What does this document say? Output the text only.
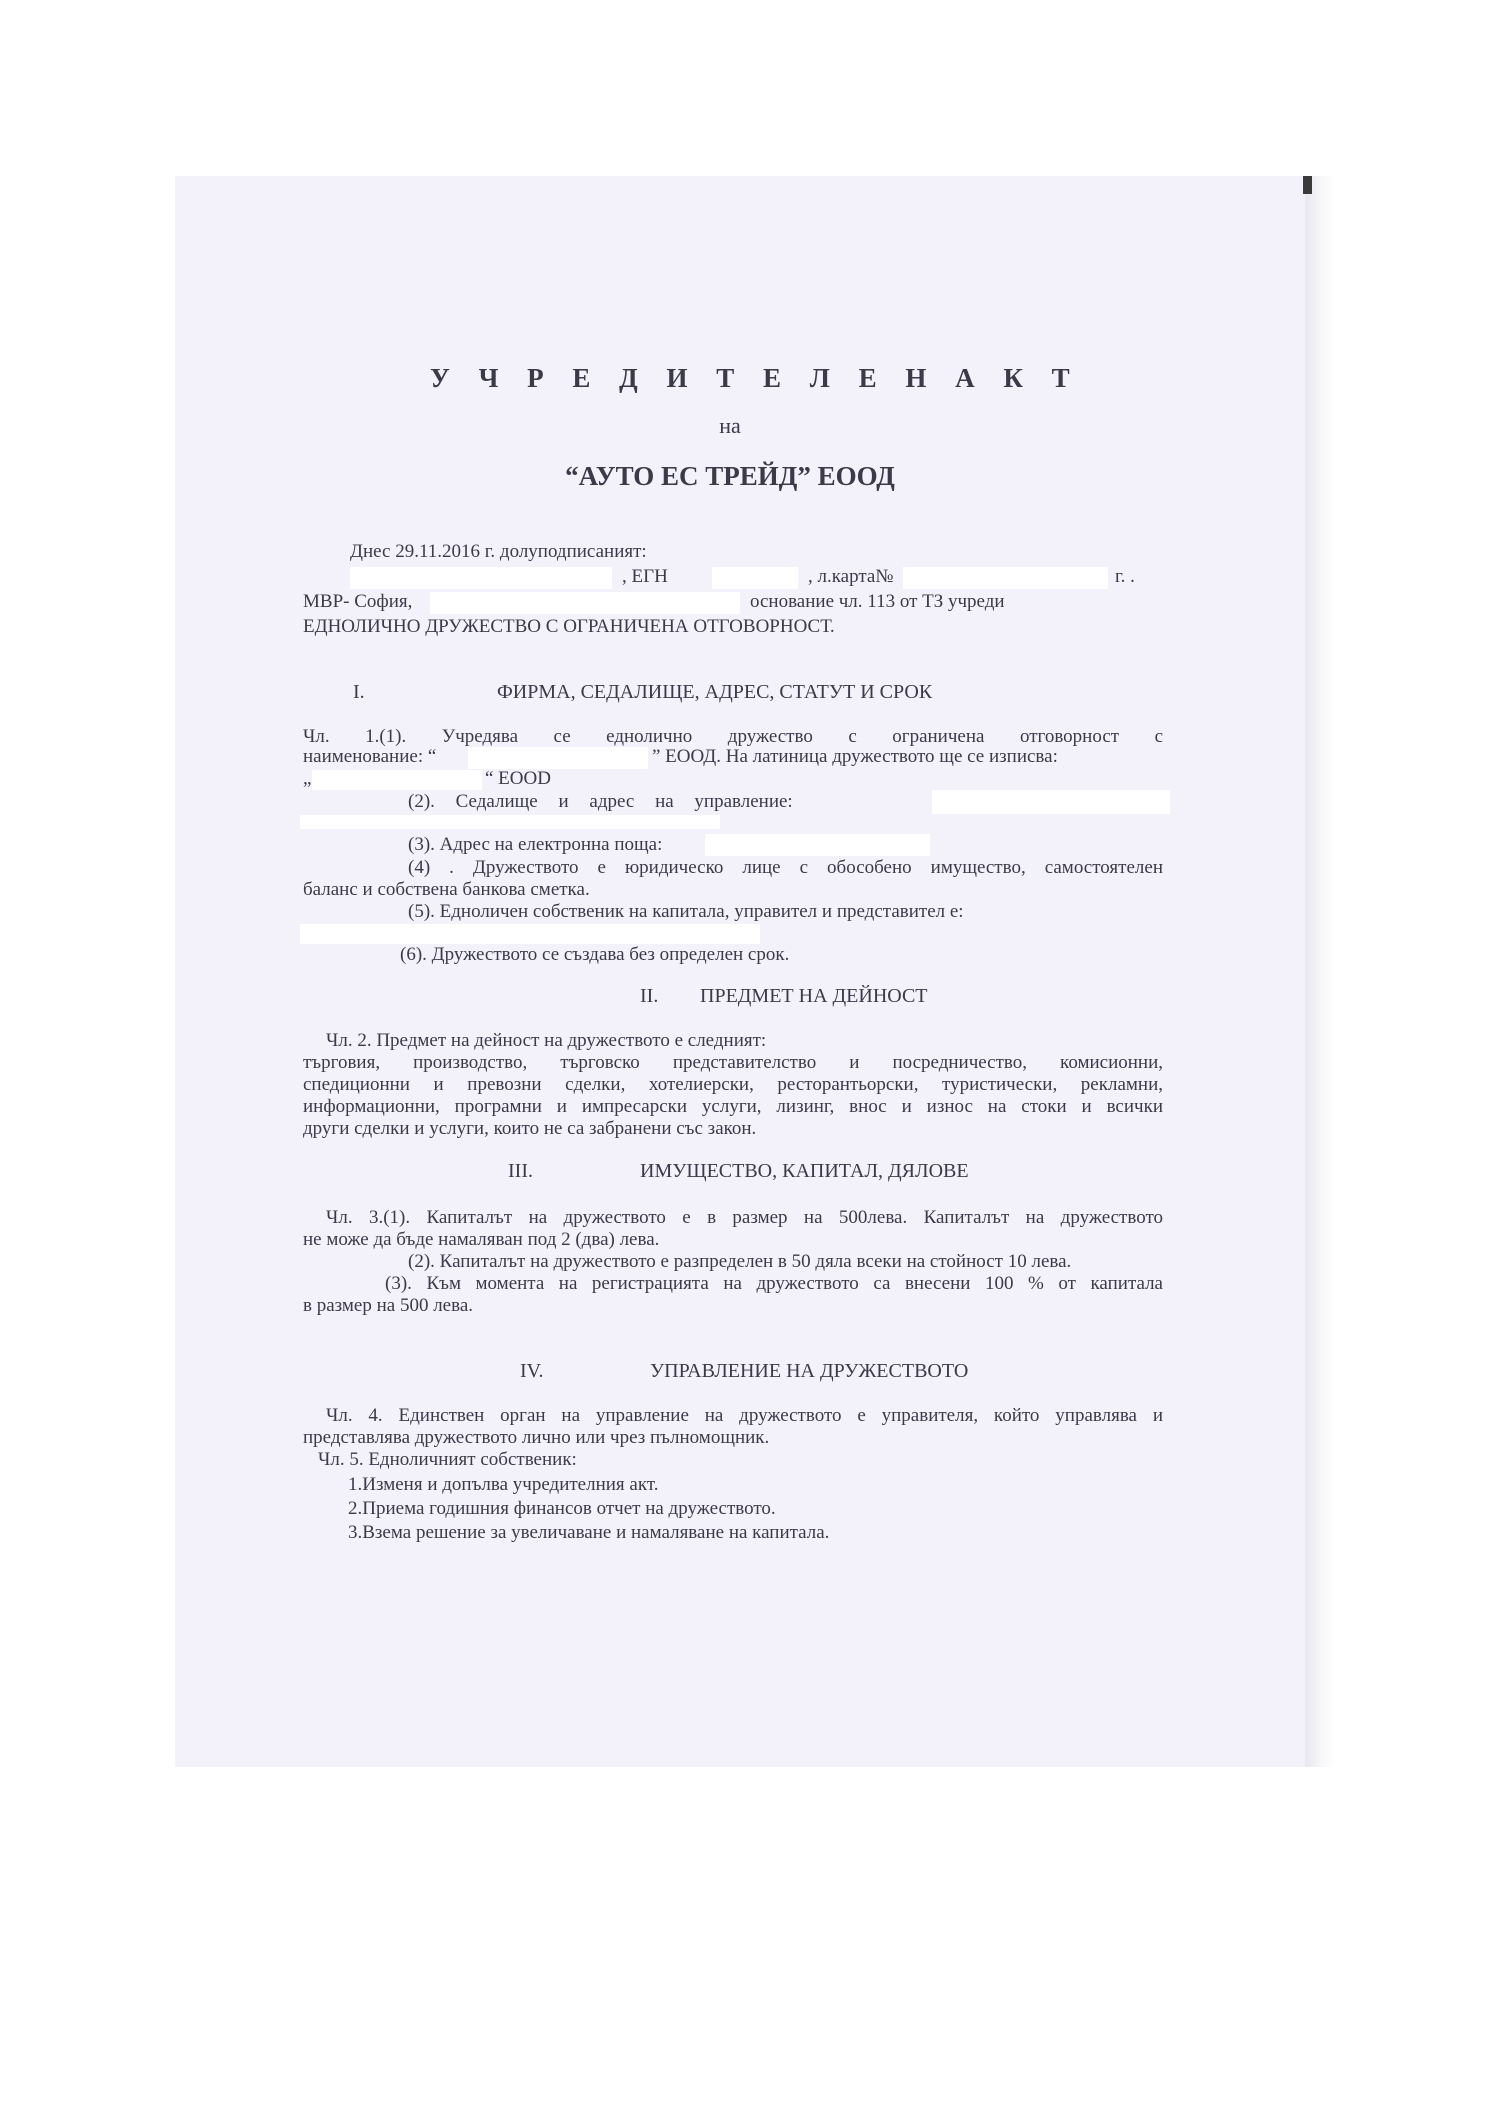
У Ч Р Е Д И Т Е Л Е Н А К Т
на
“АУТО ЕС ТРЕЙД” ЕООД
Днес 29.11.2016 г. долуподписаният:
, ЕГН	, л.карта№	г. .
МВР- София,	основание чл. 113 от ТЗ учреди
ЕДНОЛИЧНО ДРУЖЕСТВО С ОГРАНИЧЕНА ОТГОВОРНОСТ.
I.	ФИРМА, СЕДАЛИЩЕ, АДРЕС, СТАТУТ И СРОК
Чл. 1.(1). Учредява се еднолично дружество с ограничена отговорност с
наименование: “	” ЕООД. На латиница дружеството ще се изписва:
„	“ EOOD
(2). Седалище и адрес на управление:
(3). Адрес на електронна поща:
(4) . Дружеството е юридическо лице с обособено имущество, самостоятелен
баланс и собствена банкова сметка.
(5). Едноличен собственик на капитала, управител и представител е:
(6). Дружеството се създава без определен срок.
II. ПРЕДМЕТ НА ДЕЙНОСТ
Чл. 2. Предмет на дейност на дружеството е следният:
търговия, производство, търговско представителство и посредничество, комисионни,
спедиционни и превозни сделки, хотелиерски, ресторантьорски, туристически, рекламни,
информационни, програмни и импресарски услуги, лизинг, внос и износ на стоки и всички
други сделки и услуги, които не са забранени със закон.
III.	ИМУЩЕСТВО, КАПИТАЛ, ДЯЛОВЕ
Чл. 3.(1). Капиталът на дружеството е в размер на 500лева. Капиталът на дружеството
не може да бъде намаляван под 2 (два) лева.
(2). Капиталът на дружеството е разпределен в 50 дяла всеки на стойност 10 лева.
(3). Към момента на регистрацията на дружеството са внесени 100 % от капитала
в размер на 500 лева.
IV.	УПРАВЛЕНИЕ НА ДРУЖЕСТВОТО
Чл. 4. Единствен орган на управление на дружеството е управителя, който управлява и
представлява дружеството лично или чрез пълномощник.
Чл. 5. Едноличният собственик:
1.Изменя и допълва учредителния акт.
2.Приема годишния финансов отчет на дружеството.
3.Взема решение за увеличаване и намаляване на капитала.
